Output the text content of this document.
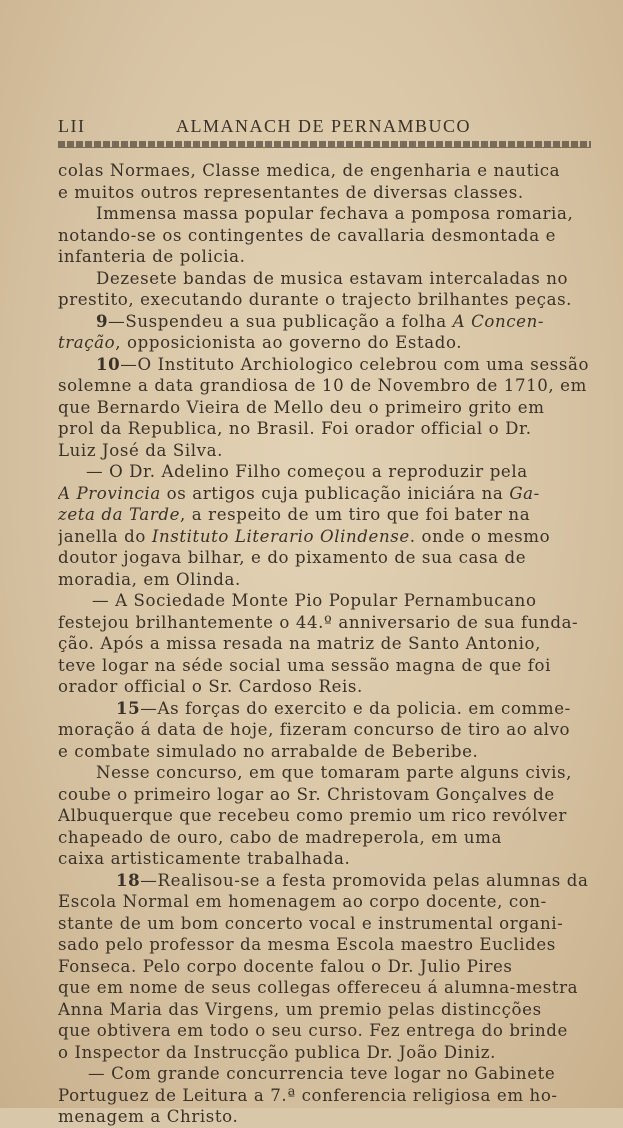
LII	ALMANACH DE PERNAMBUCO
colas Normaes, Classe medica, de engenharia e nautica
e muitos outros representantes de diversas classes.
Immensa massa popular fechava a pomposa romaria,
notando-se os contingentes de cavallaria desmontada e
infanteria de policia.
Dezesete bandas de musica estavam intercaladas no
prestito, executando durante o trajecto brilhantes peças.
9—Suspendeu a sua publicação a folha A Concen-
tração, opposicionista ao governo do Estado.
10—O Instituto Archiologico celebrou com uma sessão
solemne a data grandiosa de 10 de Novembro de 1710, em
que Bernardo Vieira de Mello deu o primeiro grito em
prol da Republica, no Brasil. Foi orador official o Dr.
Luiz José da Silva.
— O Dr. Adelino Filho começou a reproduzir pela
A Provincia os artigos cuja publicação iniciára na Ga-
zeta da Tarde, a respeito de um tiro que foi bater na
janella do Instituto Literario Olindense. onde o mesmo
doutor jogava bilhar, e do pixamento de sua casa de
moradia, em Olinda.
— A Sociedade Monte Pio Popular Pernambucano
festejou brilhantemente o 44.º anniversario de sua funda-
ção. Após a missa resada na matriz de Santo Antonio,
teve logar na séde social uma sessão magna de que foi
orador official o Sr. Cardoso Reis.
15—As forças do exercito e da policia. em comme-
moração á data de hoje, fizeram concurso de tiro ao alvo
e combate simulado no arrabalde de Beberibe.
Nesse concurso, em que tomaram parte alguns civis,
coube o primeiro logar ao Sr. Christovam Gonçalves de
Albuquerque que recebeu como premio um rico revólver
chapeado de ouro, cabo de madreperola, em uma
caixa artisticamente trabalhada.
18—Realisou-se a festa promovida pelas alumnas da
Escola Normal em homenagem ao corpo docente, con-
stante de um bom concerto vocal e instrumental organi-
sado pelo professor da mesma Escola maestro Euclides
Fonseca. Pelo corpo docente falou o Dr. Julio Pires
que em nome de seus collegas offereceu á alumna-mestra
Anna Maria das Virgens, um premio pelas distincções
que obtivera em todo o seu curso. Fez entrega do brinde
o Inspector da Instrucção publica Dr. João Diniz.
— Com grande concurrencia teve logar no Gabinete
Portuguez de Leitura a 7.ª conferencia religiosa em ho-
menagem a Christo.
